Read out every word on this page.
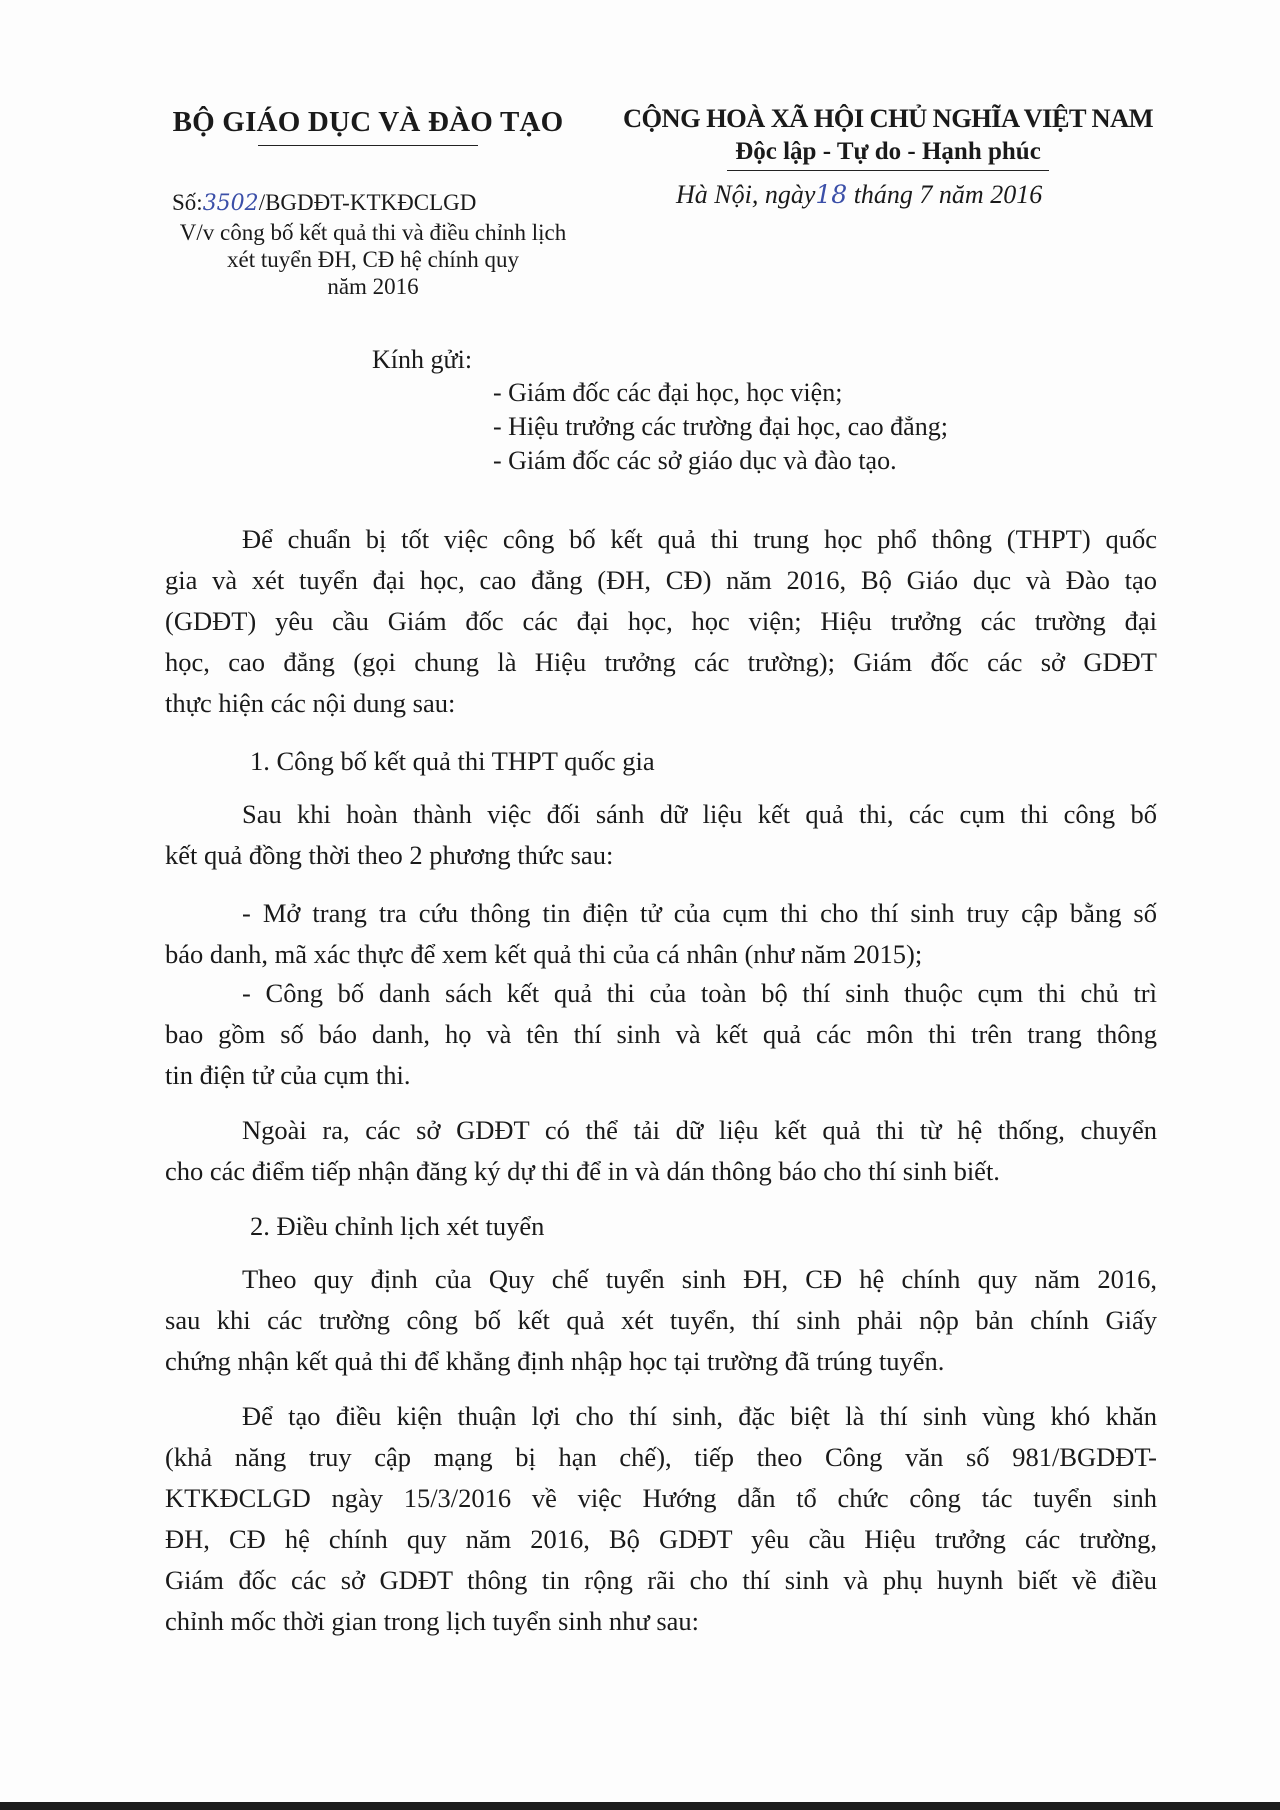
BỘ GIÁO DỤC VÀ ĐÀO TẠO

Số:3502/BGDĐT-KTKĐCLGD
V/v công bố kết quả thi và điều chỉnh lịch
xét tuyển ĐH, CĐ hệ chính quy
năm 2016

CỘNG HOÀ XÃ HỘI CHỦ NGHĨA VIỆT NAM

Độc lập - Tự do - Hạnh phúc

Hà Nội, ngày18 tháng 7 năm 2016
Kính gửi:
- Giám đốc các đại học, học viện;
- Hiệu trưởng các trường đại học, cao đẳng;
- Giám đốc các sở giáo dục và đào tạo.
Để chuẩn bị tốt việc công bố kết quả thi trung học phổ thông (THPT) quốc
gia và xét tuyển đại học, cao đẳng (ĐH, CĐ) năm 2016, Bộ Giáo dục và Đào tạo
(GDĐT) yêu cầu Giám đốc các đại học, học viện; Hiệu trưởng các trường đại
học, cao đẳng (gọi chung là Hiệu trưởng các trường); Giám đốc các sở GDĐT
thực hiện các nội dung sau:
1. Công bố kết quả thi THPT quốc gia
Sau khi hoàn thành việc đối sánh dữ liệu kết quả thi, các cụm thi công bố
kết quả đồng thời theo 2 phương thức sau:
- Mở trang tra cứu thông tin điện tử của cụm thi cho thí sinh truy cập bằng số
báo danh, mã xác thực để xem kết quả thi của cá nhân (như năm 2015);
- Công bố danh sách kết quả thi của toàn bộ thí sinh thuộc cụm thi chủ trì
bao gồm số báo danh, họ và tên thí sinh và kết quả các môn thi trên trang thông
tin điện tử của cụm thi.
Ngoài ra, các sở GDĐT có thể tải dữ liệu kết quả thi từ hệ thống, chuyển
cho các điểm tiếp nhận đăng ký dự thi để in và dán thông báo cho thí sinh biết.
2. Điều chỉnh lịch xét tuyển
Theo quy định của Quy chế tuyển sinh ĐH, CĐ hệ chính quy năm 2016,
sau khi các trường công bố kết quả xét tuyển, thí sinh phải nộp bản chính Giấy
chứng nhận kết quả thi để khẳng định nhập học tại trường đã trúng tuyển.
Để tạo điều kiện thuận lợi cho thí sinh, đặc biệt là thí sinh vùng khó khăn
(khả năng truy cập mạng bị hạn chế), tiếp theo Công văn số 981/BGDĐT-
KTKĐCLGD ngày 15/3/2016 về việc Hướng dẫn tổ chức công tác tuyển sinh
ĐH, CĐ hệ chính quy năm 2016, Bộ GDĐT yêu cầu Hiệu trưởng các trường,
Giám đốc các sở GDĐT thông tin rộng rãi cho thí sinh và phụ huynh biết về điều
chỉnh mốc thời gian trong lịch tuyển sinh như sau:
